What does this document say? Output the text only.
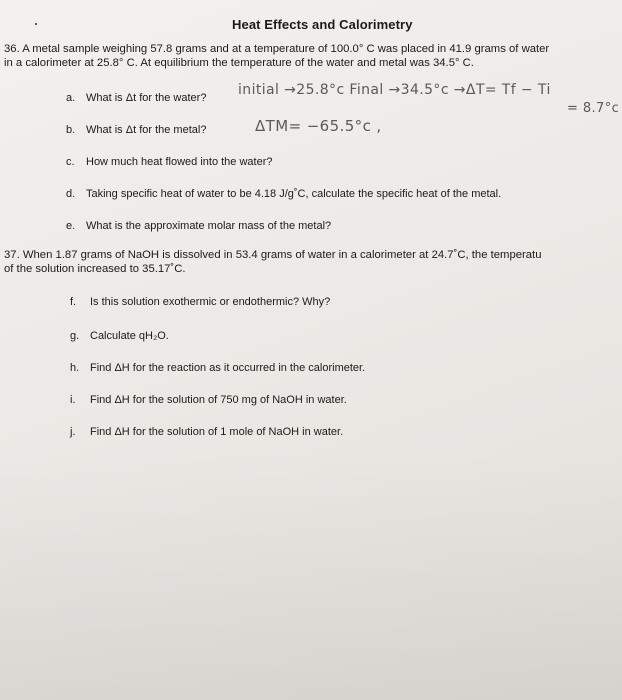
Heat Effects and Calorimetry
36. A metal sample weighing 57.8 grams and at a temperature of 100.0° C was placed in 41.9 grams of water
in a calorimeter at 25.8° C. At equilibrium the temperature of the water and metal was 34.5° C.
a. What is Δt for the water? initial →25.8°c Final →34.5°c →ΔT= Tf − Ti
= 8.7°c
b. What is Δt for the metal?	ΔTM= −65.5°c ,
c. How much heat flowed into the water?
d. Taking specific heat of water to be 4.18 J/g˚C, calculate the specific heat of the metal.
e. What is the approximate molar mass of the metal?
37. When 1.87 grams of NaOH is dissolved in 53.4 grams of water in a calorimeter at 24.7˚C, the temperatu
of the solution increased to 35.17˚C.
f. Is this solution exothermic or endothermic? Why?
g. Calculate qH₂O.
h. Find ΔH for the reaction as it occurred in the calorimeter.
i. Find ΔH for the solution of 750 mg of NaOH in water.
j. Find ΔH for the solution of 1 mole of NaOH in water.
